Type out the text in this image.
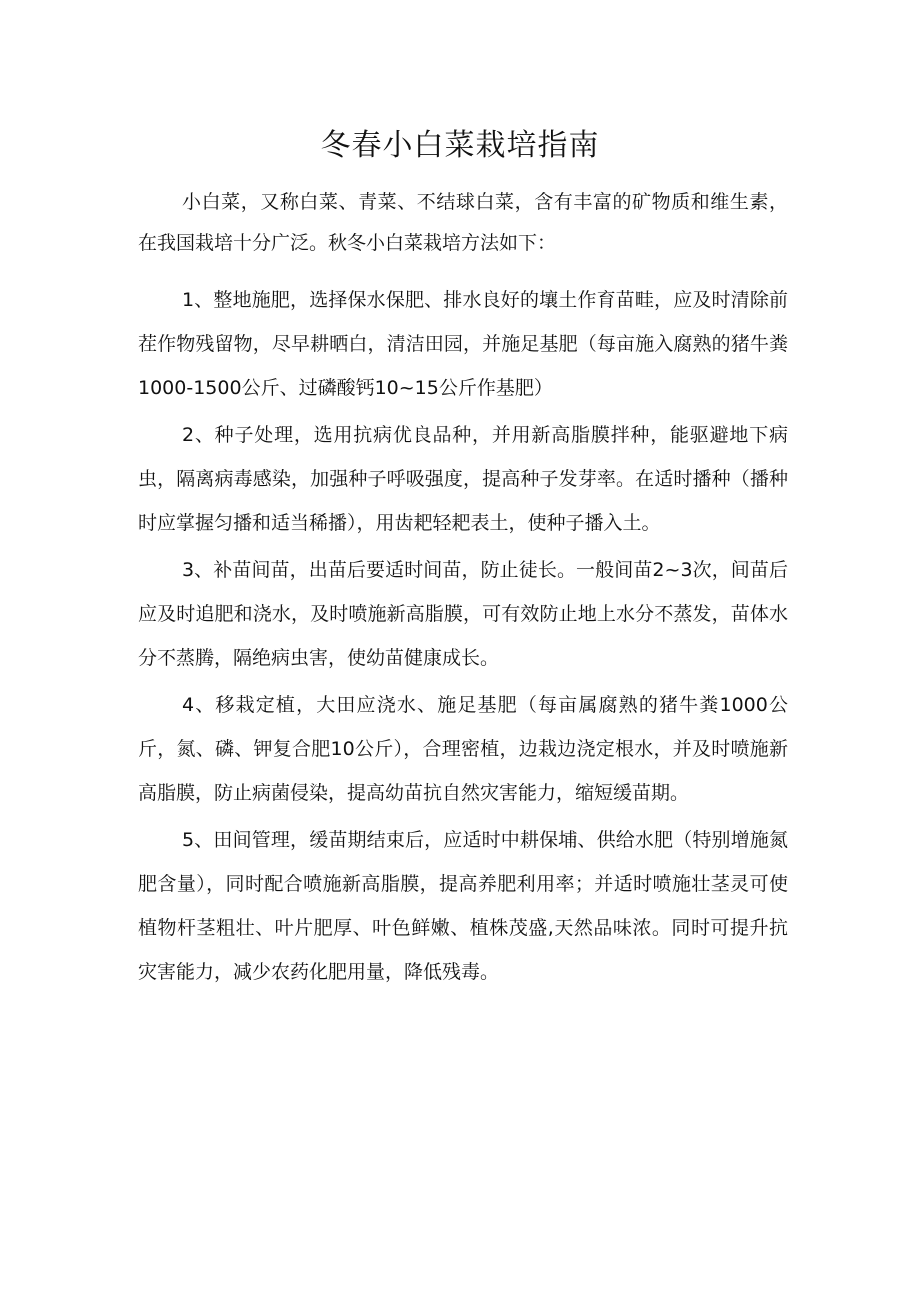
冬春小白菜栽培指南

小白菜，又称白菜、青菜、不结球白菜，含有丰富的矿物质和维生素，在我国栽培十分广泛。秋冬小白菜栽培方法如下：

1、整地施肥，选择保水保肥、排水良好的壤土作育苗畦，应及时清除前茬作物残留物，尽早耕晒白，清洁田园，并施足基肥（每亩施入腐熟的猪牛粪1000-1500公斤、过磷酸钙10~15公斤作基肥）

2、种子处理，选用抗病优良品种，并用新高脂膜拌种，能驱避地下病虫，隔离病毒感染，加强种子呼吸强度，提高种子发芽率。在适时播种（播种时应掌握匀播和适当稀播），用齿耙轻耙表土，使种子播入土。

3、补苗间苗，出苗后要适时间苗，防止徒长。一般间苗2~3次，间苗后应及时追肥和浇水，及时喷施新高脂膜，可有效防止地上水分不蒸发，苗体水分不蒸腾，隔绝病虫害，使幼苗健康成长。

4、移栽定植，大田应浇水、施足基肥（每亩属腐熟的猪牛粪1000公斤，氮、磷、钾复合肥10公斤），合理密植，边栽边浇定根水，并及时喷施新高脂膜，防止病菌侵染，提高幼苗抗自然灾害能力，缩短缓苗期。

5、田间管理，缓苗期结束后，应适时中耕保埔、供给水肥（特别增施氮肥含量），同时配合喷施新高脂膜，提高养肥利用率；并适时喷施壮茎灵可使植物杆茎粗壮、叶片肥厚、叶色鲜嫩、植株茂盛,天然品味浓。同时可提升抗灾害能力，减少农药化肥用量，降低残毒。
